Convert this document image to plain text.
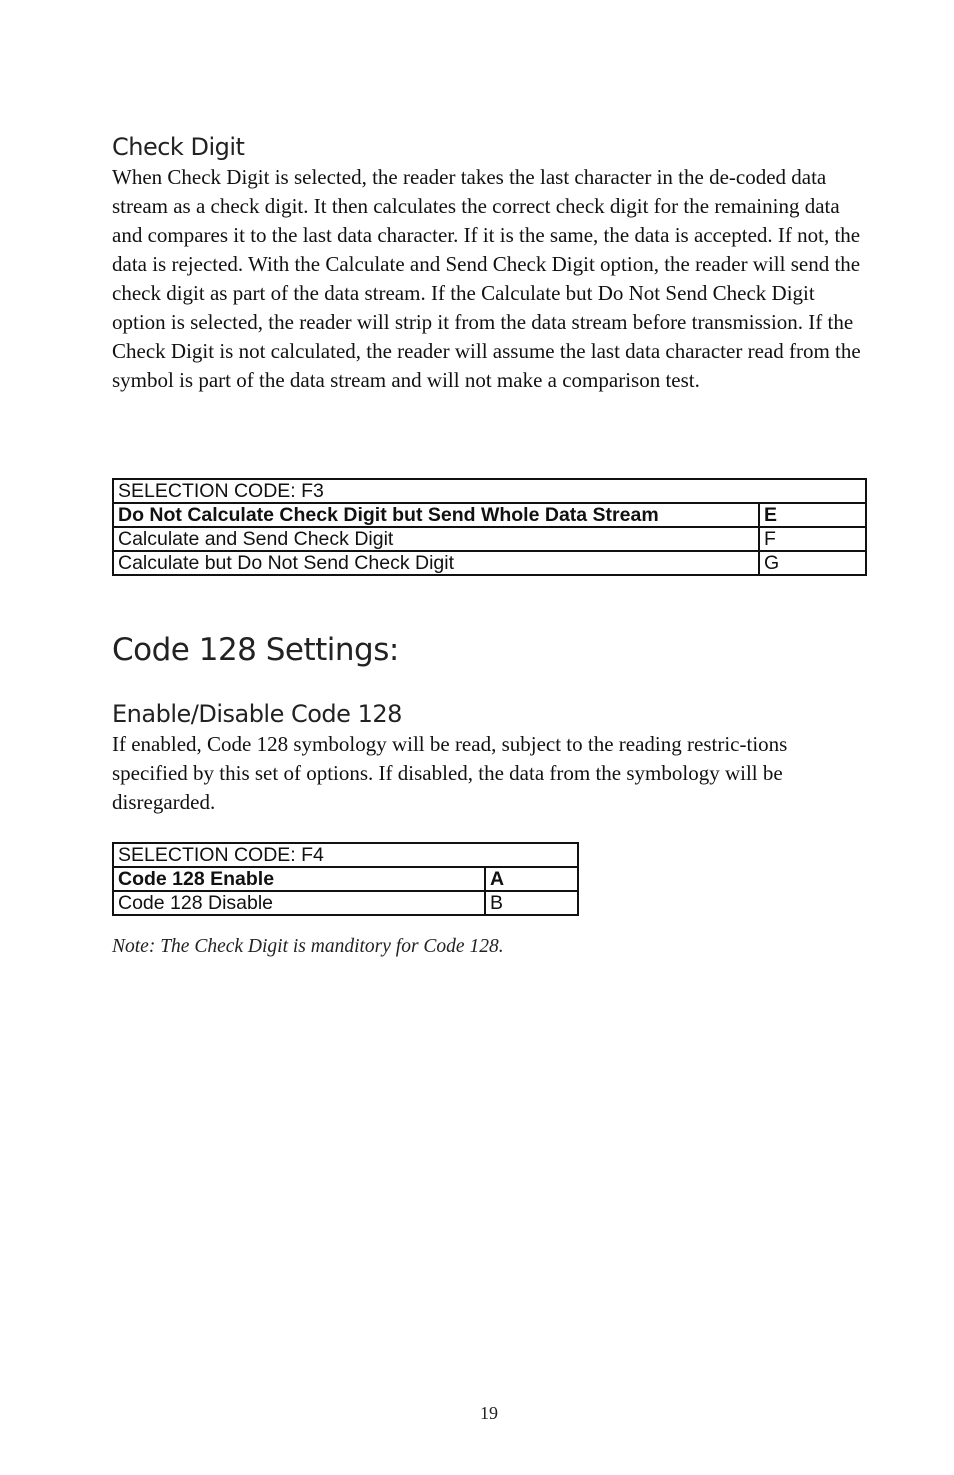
Check Digit

When Check Digit is selected, the reader takes the last character in the de-coded data stream as a check digit. It then calculates the correct check digit for the remaining data and compares it to the last data character. If it is the same, the data is accepted. If not, the data is rejected. With the Calculate and Send Check Digit option, the reader will send the check digit as part of the data stream. If the Calculate but Do Not Send Check Digit option is selected, the reader will strip it from the data stream before transmission. If the Check Digit is not calculated, the reader will assume the last data character read from the symbol is part of the data stream and will not make a comparison test.

SELECTION CODE: F3	
Do Not Calculate Check Digit but Send Whole Data Stream	E
Calculate and Send Check Digit	F
Calculate but Do Not Send Check Digit	G
Code 128 Settings:
Enable/Disable Code 128

If enabled, Code 128 symbology will be read, subject to the reading restric-tions specified by this set of options. If disabled, the data from the symbology will be disregarded.

SELECTION CODE: F4	
Code 128 Enable	A
Code 128 Disable	B

Note: The Check Digit is manditory for Code 128.

19
